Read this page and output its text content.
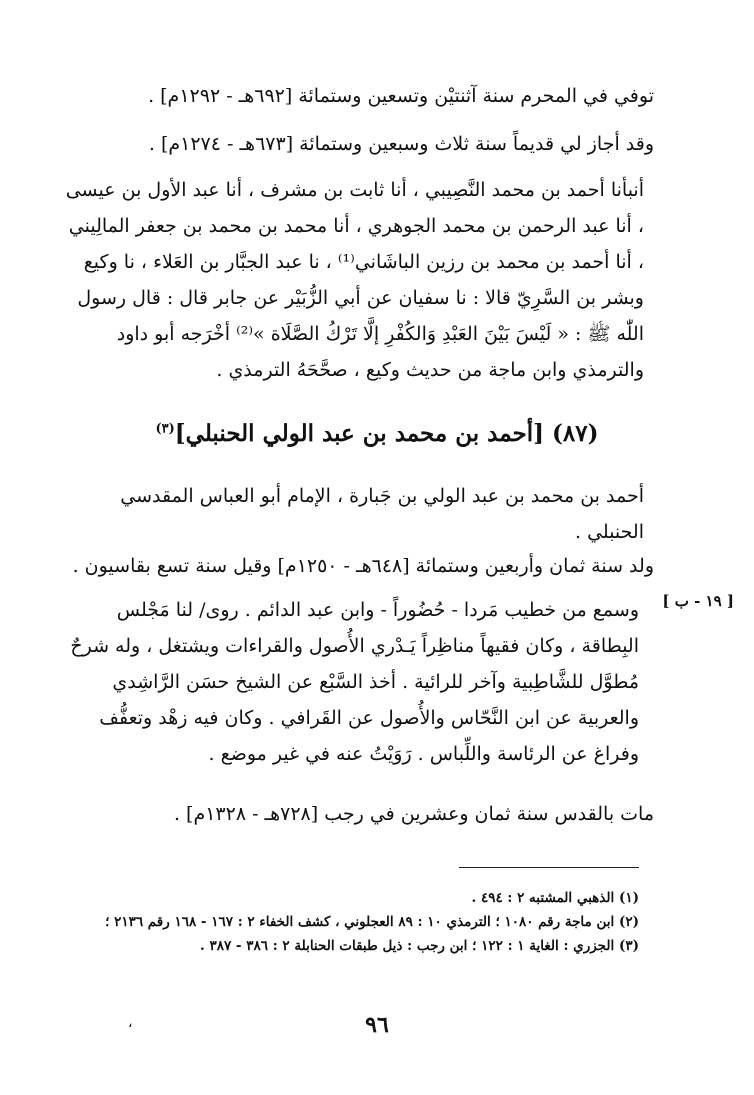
توفي في المحرم سنة آثنتيْن وتسعين وستمائة [٦٩٢هـ - ١٢٩٢م] .

وقد أجاز لي قديماً سنة ثلاث وسبعين وستمائة [٦٧٣هـ - ١٢٧٤م] .

أنبأنا أحمد بن محمد النَّصِيبي ، أنا ثابت بن مشرف ، أنا عبد الأول بن عيسى ، أنا عبد الرحمن بن محمد الجوهري ، أنا محمد بن محمد بن جعفر المالِيني ، أنا أحمد بن محمد بن رزين الباشَاني⁽¹⁾ ، نا عبد الجبَّار بن العَلاء ، نا وكيع وبشر بن السَّرِيّ قالا : نا سفيان عن أبي الزُّبَيْر عن جابر قال : قال رسول اللّٰه ﷺ : « لَيْسَ بَيْنَ العَبْدِ وَالكُفْرِ إلَّا تَرْكُ الصَّلَاة »⁽²⁾ أخْرَجه أبو داود والترمذي وابن ماجة من حديث وكيع ، صحَّحَهُ الترمذي .

(٨٧) [أحمد بن محمد بن عبد الولي الحنبلي]$^{(٣)}$

أحمد بن محمد بن عبد الولي بن جَبارة ، الإمام أبو العباس المقدسي الحنبلي .

ولد سنة ثمان وأربعين وستمائة [٦٤٨هـ - ١٢٥٠م] وقيل سنة تسع بقاسيون .

[ ١٩ - ب ]

وسمع من خطيب مَردا - حُضُوراً - وابن عبد الدائم . روى/ لنا مَجْلس البِطاقة ، وكان فقيهاً مناظِراً يَـدْري الأُصول والقراءات ويشتغل ، وله شرحٌ مُطوَّل للشَّاطِبية وآخر للرائية . أخذ السَّبْع عن الشيخ حسَن الرَّاشِدي والعربية عن ابن النَّحّاس والأُصول عن القَرافي . وكان فيه زهْد وتعفُّف وفراغ عن الرئاسة واللِّباس . رَوَيْتُ عنه في غير موضع .

مات بالقدس سنة ثمان وعشرين في رجب [٧٢٨هـ - ١٣٢٨م] .

(١) الذهبي المشتبه ٢ : ٤٩٤ .
(٢) ابن ماجة رقم ١٠٨٠ ؛ الترمذي ١٠ : ٨٩ العجلوني ، كشف الخفاء ٢ : ١٦٧ - ١٦٨ رقم ٢١٣٦ ؛
(٣) الجزري : الغاية ١ : ١٢٢ ؛ ابن رجب : ذيل طبقات الحنابلة ٢ : ٣٨٦ - ٣٨٧ .
،	٩٦
